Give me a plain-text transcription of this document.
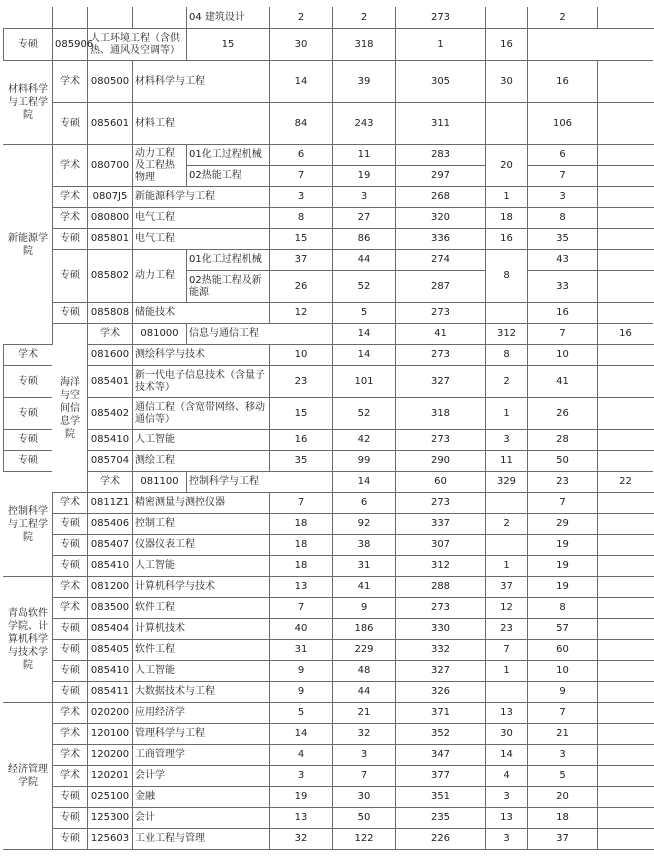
				04 建筑设计	2	2	273		2		
专硕	085906	人工环境工程（含供热、通风及空调等）		15	30	318	1	16			
材料科学与工程学院	学术	080500	材料科学与工程		14	39	305	30	16		
	专硕	085601	材料工程		84	243	311		106		
新能源学院	学术	080700	动力工程及工程热物理	01化工过程机械	6	11	283	20	6		
				02热能工程	7	19	297		7		
	学术	0807J5	新能源科学与工程		3	3	268	1	3		
	学术	080800	电气工程		8	27	320	18	8		
	专硕	085801	电气工程		15	86	336	16	35		
	专硕	085802	动力工程	01化工过程机械	37	44	274	8	43		
				02热能工程及新能源	26	52	287		33		
	专硕	085808	储能技术		12	5	273		16		
	海洋与空间信息学院	学术	081000	信息与通信工程		14	41	312	7	16	
学术		081600	测绘科学与技术		10	14	273	8	10		
专硕		085401	新一代电子信息技术（含量子技术等）		23	101	327	2	41		
专硕		085402	通信工程（含宽带网络、移动通信等）		15	52	318	1	26		
专硕		085410	人工智能		16	42	273	3	28		
专硕		085704	测绘工程		35	99	290	11	50		
控制科学与工程学院		学术	081100	控制科学与工程		14	60	329	23	22	
	学术	0811Z1	精密测量与测控仪器		7	6	273		7		
	专硕	085406	控制工程		18	92	337	2	29		
	专硕	085407	仪器仪表工程		18	38	307		19		
	专硕	085410	人工智能		18	31	312	1	19		
青岛软件学院、计算机科学与技术学院	学术	081200	计算机科学与技术		13	41	288	37	19		
	学术	083500	软件工程		7	9	273	12	8		
	专硕	085404	计算机技术		40	186	330	23	57		
	专硕	085405	软件工程		31	229	332	7	60		
	专硕	085410	人工智能		9	48	327	1	10		
	专硕	085411	大数据技术与工程		9	44	326		9		
经济管理学院	学术	020200	应用经济学		5	21	371	13	7		
	学术	120100	管理科学与工程		14	32	352	30	21		
	学术	120200	工商管理学		4	3	347	14	3		
	学术	120201	会计学		3	7	377	4	5		
	专硕	025100	金融		19	30	351	3	20		
	专硕	125300	会计		13	50	235	13	18		
	专硕	125603	工业工程与管理		32	122	226	3	37		
